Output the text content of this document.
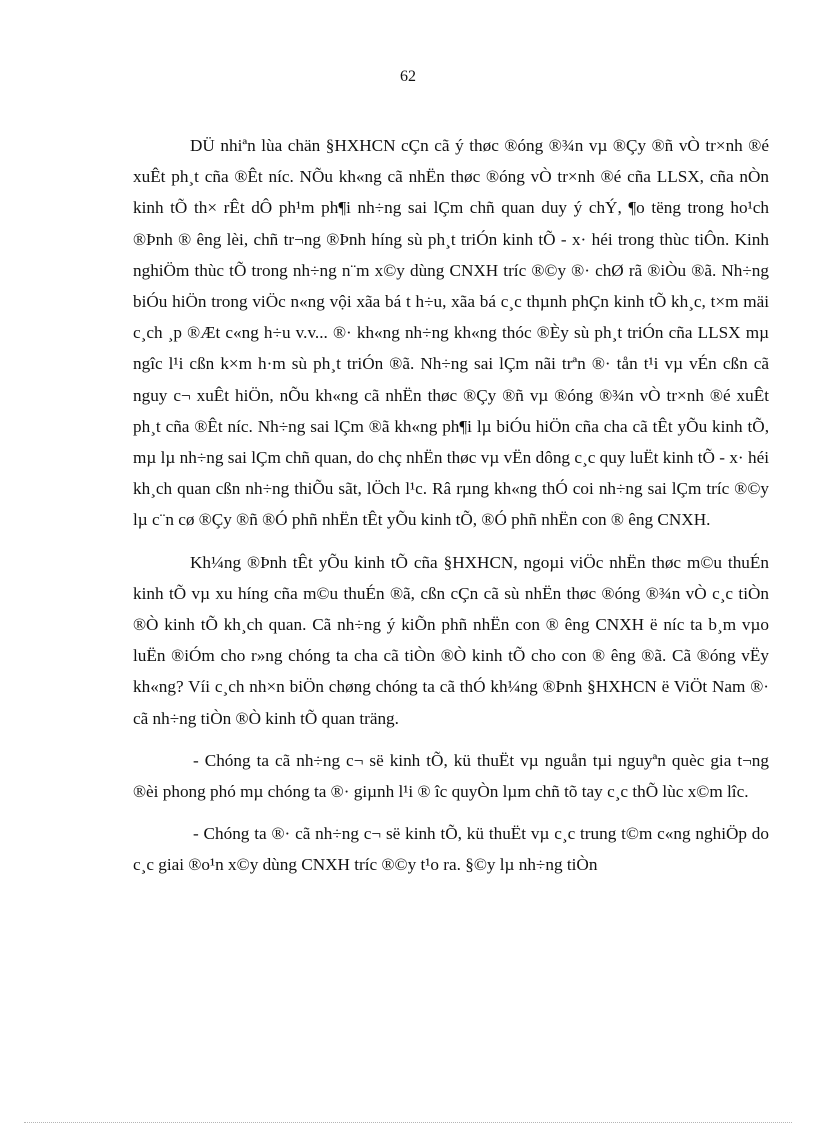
62

DÜ nhiªn lùa chän §HXHCN cÇn cã ý thøc ®óng ®¾n vµ ®Çy ®ñ vÒ tr×nh ®é xuÊt ph¸t cña ®Êt níc. NÕu kh«ng cã nhËn thøc ®óng vÒ tr×nh ®é cña LLSX, cña nÒn kinh tÕ th× rÊt dÔ ph¹m ph¶i nh÷ng sai lÇm chñ quan duy ý chÝ, ¶o tëng trong ho¹ch ®Þnh ® êng lèi, chñ tr¬ng ®Þnh híng sù ph¸t triÓn kinh tÕ - x· héi trong thùc tiÔn. Kinh nghiÖm thùc tÕ trong nh÷ng n¨m x©y dùng CNXH tríc ®©y ®· chØ rã ®iÒu ®ã. Nh÷ng biÓu hiÖn trong viÖc n«ng vội xãa bá t h÷u, xãa bá c¸c thµnh phÇn kinh tÕ kh¸c, t×m mäi c¸ch ¸p ®Æt c«ng h÷u v.v... ®· kh«ng nh÷ng kh«ng thóc ®Èy sù ph¸t triÓn cña LLSX mµ ngîc l¹i cßn k×m h·m sù ph¸t triÓn ®ã. Nh÷ng sai lÇm nãi trªn ®· tån t¹i vµ vÉn cßn cã nguy c¬ xuÊt hiÖn, nÕu kh«ng cã nhËn thøc ®Çy ®ñ vµ ®óng ®¾n vÒ tr×nh ®é xuÊt ph¸t cña ®Êt níc. Nh÷ng sai lÇm ®ã kh«ng ph¶i lµ biÓu hiÖn cña cha cã tÊt yÕu kinh tÕ, mµ lµ nh÷ng sai lÇm chñ quan, do chç nhËn thøc vµ vËn dông c¸c quy luËt kinh tÕ - x· héi kh¸ch quan cßn nh÷ng thiÕu sãt, lÖch l¹c. Râ rµng kh«ng thÓ coi nh÷ng sai lÇm tríc ®©y lµ c¨n cø ®Çy ®ñ ®Ó phñ nhËn tÊt yÕu kinh tÕ, ®Ó phñ nhËn con ® êng CNXH.

Kh¼ng ®Þnh tÊt yÕu kinh tÕ cña §HXHCN, ngoµi viÖc nhËn thøc m©u thuÉn kinh tÕ vµ xu híng cña m©u thuÉn ®ã, cßn cÇn cã sù nhËn thøc ®óng ®¾n vÒ c¸c tiÒn ®Ò kinh tÕ kh¸ch quan. Cã nh÷ng ý kiÕn phñ nhËn con ® êng CNXH ë níc ta b¸m vµo luËn ®iÓm cho r»ng chóng ta cha cã tiÒn ®Ò kinh tÕ cho con ® êng ®ã. Cã ®óng vËy kh«ng? Víi c¸ch nh×n biÖn chøng chóng ta cã thÓ kh¼ng ®Þnh §HXHCN ë ViÖt Nam ®· cã nh÷ng tiÒn ®Ò kinh tÕ quan träng.

- Chóng ta cã nh÷ng c¬ së kinh tÕ, kü thuËt vµ nguån tµi nguyªn quèc gia t¬ng ®èi phong phó mµ chóng ta ®· giµnh l¹i ® îc quyÒn lµm chñ tõ tay c¸c thÕ lùc x©m lîc.

- Chóng ta ®· cã nh÷ng c¬ së kinh tÕ, kü thuËt vµ c¸c trung t©m c«ng nghiÖp do c¸c giai ®o¹n x©y dùng CNXH tríc ®©y t¹o ra. §©y lµ nh÷ng tiÒn
